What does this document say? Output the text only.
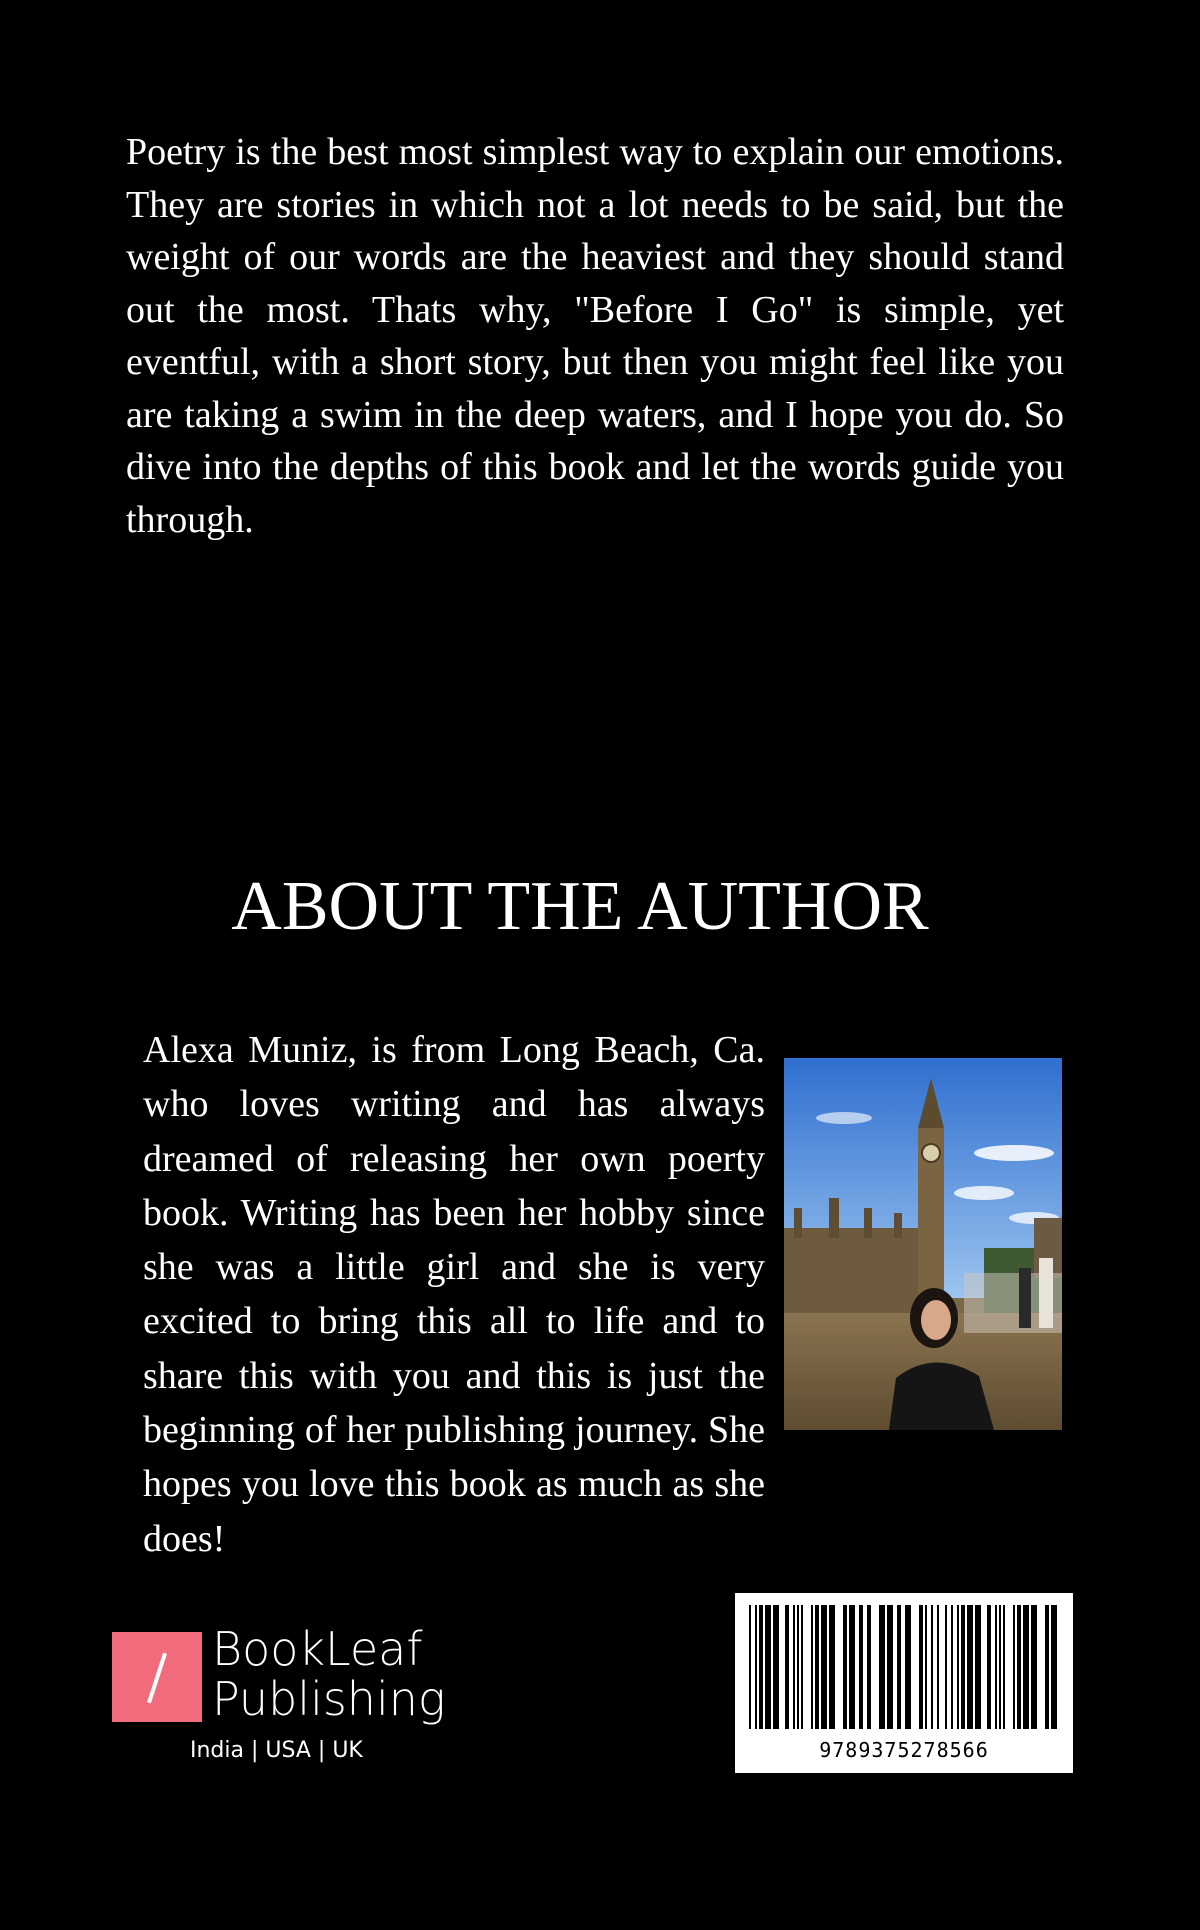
Poetry is the best most simplest way to explain our emotions. They are stories in which not a lot needs to be said, but the weight of our words are the heaviest and they should stand out the most. Thats why, "Before I Go" is simple, yet eventful, with a short story, but then you might feel like you are taking a swim in the deep waters, and I hope you do. So dive into the depths of this book and let the words guide you through.

ABOUT THE AUTHOR

Alexa Muniz, is from Long Beach, Ca. who loves writing and has always dreamed of releasing her own poerty book. Writing has been her hobby since she was a little girl and she is very excited to bring this all to life and to share this with you and this is just the beginning of her publishing journey. She hopes you love this book as much as she does!

BookLeaf
Publishing
India | USA | UK	9789375278566
